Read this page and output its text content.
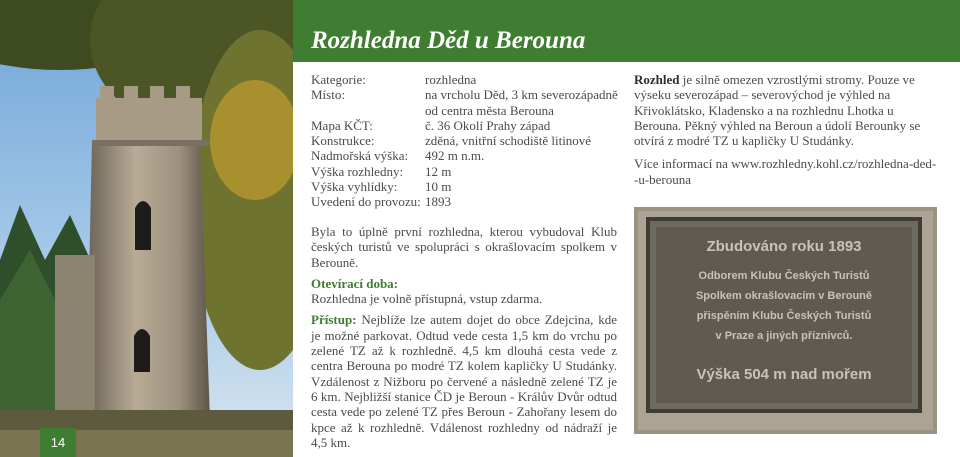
14
Rozhledna Děd u Berouna
Kategorie:	rozhledna
Místo:	na vrcholu Děd, 3 km severozápadně od centra města Berouna
Mapa KČT:	č. 36 Okolí Prahy západ
Konstrukce:	zděná, vnitřní schodiště litinové
Nadmořská výška:	492 m n.m.
Výška rozhledny:	12 m
Výška vyhlídky:	10 m
Uvedení do provozu: 1893

Byla to úplně první rozhledna, kterou vybudoval Klub českých turistů ve spolupráci s okrašlovacím spolkem v Berouně.

Otevírací doba:
Rozhledna je volně přístupná, vstup zdarma.

Přístup: Nejblíže lze autem dojet do obce Zdejcina, kde je možné parkovat. Odtud vede cesta 1,5 km do vrchu po zelené TZ až k rozhledně. 4,5 km dlouhá cesta vede z centra Berouna po modré TZ kolem kapličky U Studánky. Vzdálenost z Nižboru po červené a následně zelené TZ je 6 km. Nejbližší stanice ČD je Beroun - Králův Dvůr odtud cesta vede po zelené TZ přes Beroun - Zahořany lesem do kpce až k rozhledně. Vdálenost rozhledny od nádraží je 4,5 km.

Rozhled je silně omezen vzrostlými stromy. Pouze ve výseku severozápad – severovýchod je výhled na Křivoklátsko, Kladensko a na rozhlednu Lhotka u Berouna. Pěkný výhled na Beroun a údolí Berounky se otvírá z modré TZ u kapličky U Studánky.

Více informací na www.rozhledny.kohl.cz/rozhledna-ded--u-berouna

Zbudováno roku 1893
Odborem Klubu Českých Turistů
Spolkem okrašlovacím v Berouně
přispěním Klubu Českých Turistů
v Praze a jiných příznivců.
Výška 504 m nad mořem
